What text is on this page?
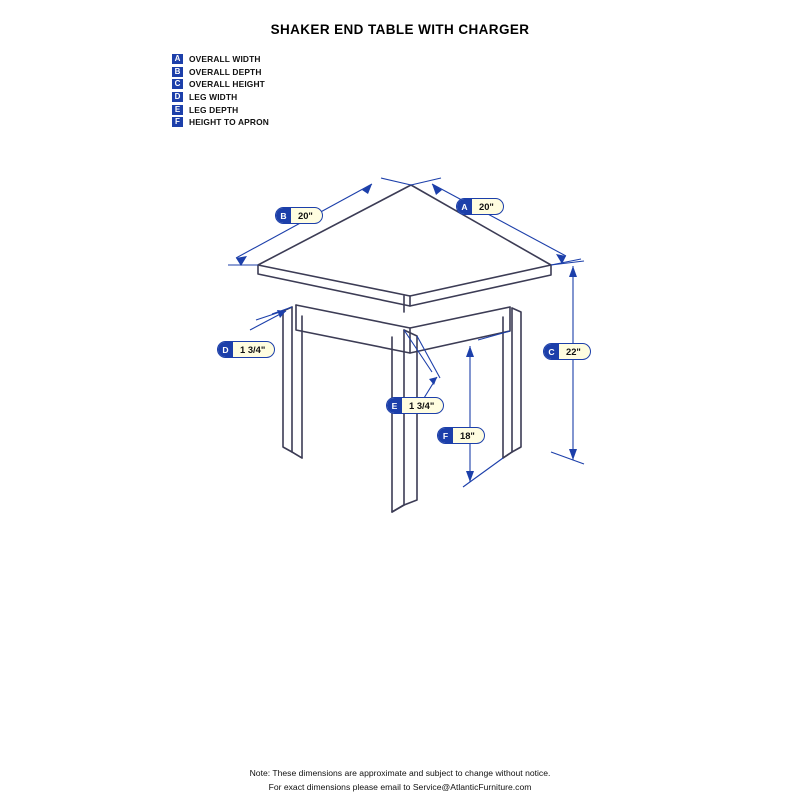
SHAKER END TABLE WITH CHARGER
A	OVERALL WIDTH
B	OVERALL DEPTH
C	OVERALL HEIGHT
D	LEG WIDTH
E	LEG DEPTH
F	HEIGHT TO APRON
B	20"
A	20"
C	22"
D	1 3/4"
E	1 3/4"
F	18"
Note: These dimensions are approximate and subject to change without notice.
For exact dimensions please email to Service@AtlanticFurniture.com
